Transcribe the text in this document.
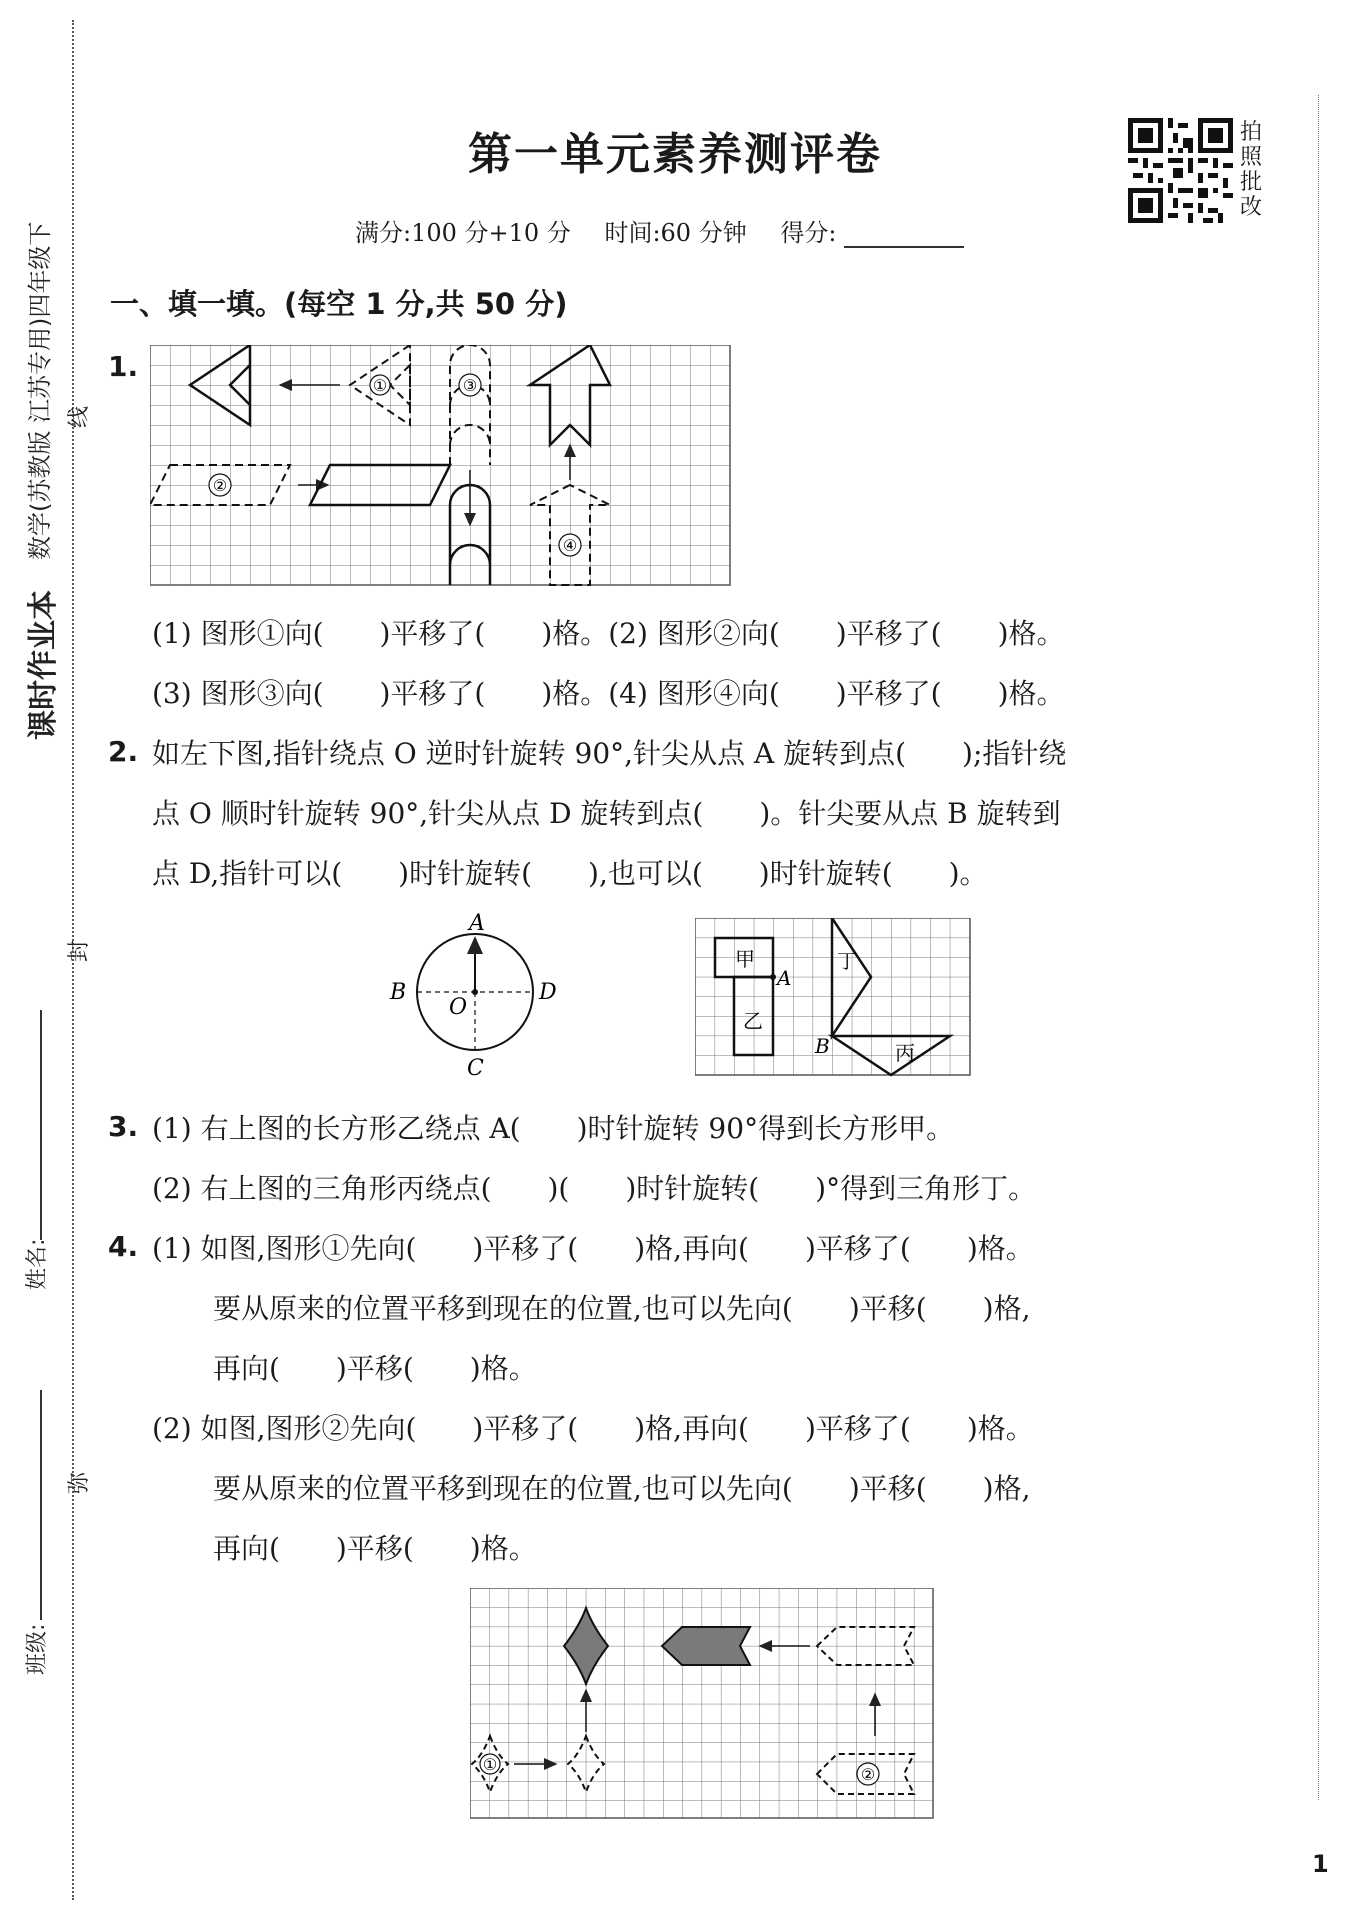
课时作业本
数学(苏教版 江苏专用)四年级下 线
封
弥
姓名:
班级:
第一单元素养测评卷
满分:100 分+10 分 时间:60 分钟 得分:
拍照批改
一、填一填。(每空 1 分,共 50 分)
1.
①
②
③
④
(1) 图形①向(　　)平移了(　　)格。(2) 图形②向(　　)平移了(　　)格。
(3) 图形③向(　　)平移了(　　)格。(4) 图形④向(　　)平移了(　　)格。
2. 如左下图,指针绕点 O 逆时针旋转 90°,针尖从点 A 旋转到点(　　);指针绕
点 O 顺时针旋转 90°,针尖从点 D 旋转到点(　　)。针尖要从点 B 旋转到
点 D,指针可以(　　)时针旋转(　　),也可以(　　)时针旋转(　　)。
A
B	D
C
O
甲
乙
丁
丙
A
B
3. (1) 右上图的长方形乙绕点 A(　　)时针旋转 90°得到长方形甲。
(2) 右上图的三角形丙绕点(　　)(　　)时针旋转(　　)°得到三角形丁。
4. (1) 如图,图形①先向(　　)平移了(　　)格,再向(　　)平移了(　　)格。
要从原来的位置平移到现在的位置,也可以先向(　　)平移(　　)格,
再向(　　)平移(　　)格。
(2) 如图,图形②先向(　　)平移了(　　)格,再向(　　)平移了(　　)格。
要从原来的位置平移到现在的位置,也可以先向(　　)平移(　　)格,
再向(　　)平移(　　)格。
①
②
1
